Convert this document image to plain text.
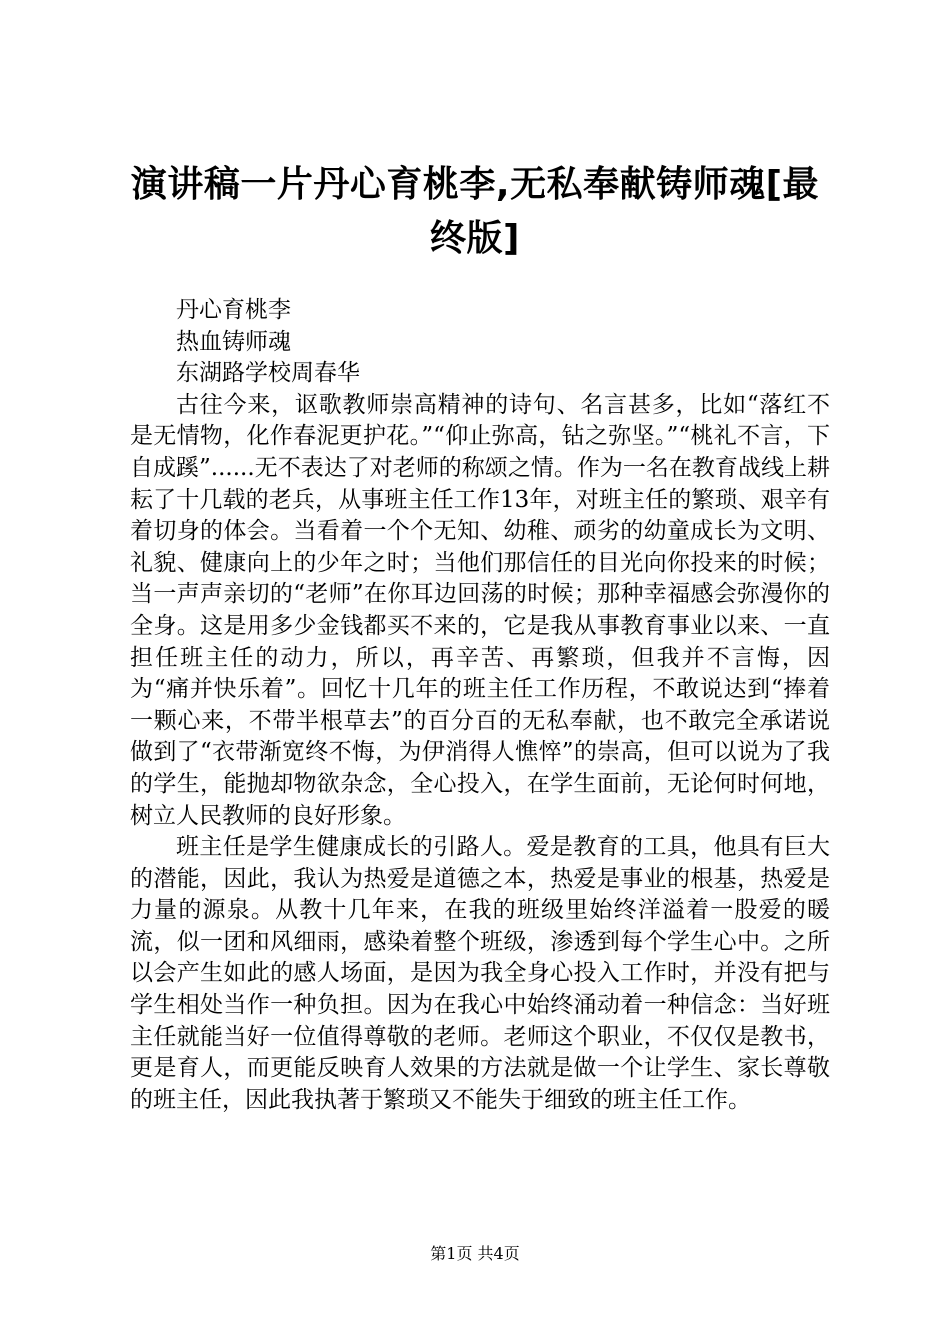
演讲稿一片丹心育桃李,无私奉献铸师魂[最终版]

丹心育桃李

热血铸师魂

东湖路学校周春华

古往今来，讴歌教师崇高精神的诗句、名言甚多，比如“落红不是无情物，化作春泥更护花。”“仰止弥高，钻之弥坚。”“桃礼不言，下自成蹊”......无不表达了对老师的称颂之情。作为一名在教育战线上耕耘了十几载的老兵，从事班主任工作13年，对班主任的繁琐、艰辛有着切身的体会。当看着一个个无知、幼稚、顽劣的幼童成长为文明、礼貌、健康向上的少年之时；当他们那信任的目光向你投来的时候；当一声声亲切的“老师”在你耳边回荡的时候；那种幸福感会弥漫你的全身。这是用多少金钱都买不来的，它是我从事教育事业以来、一直担任班主任的动力，所以，再辛苦、再繁琐，但我并不言悔，因为“痛并快乐着”。回忆十几年的班主任工作历程，不敢说达到“捧着一颗心来，不带半根草去”的百分百的无私奉献，也不敢完全承诺说做到了“衣带渐宽终不悔，为伊消得人憔悴”的崇高，但可以说为了我的学生，能抛却物欲杂念，全心投入，在学生面前，无论何时何地，树立人民教师的良好形象。

班主任是学生健康成长的引路人。爱是教育的工具，他具有巨大的潜能，因此，我认为热爱是道德之本，热爱是事业的根基，热爱是力量的源泉。从教十几年来，在我的班级里始终洋溢着一股爱的暖流，似一团和风细雨，感染着整个班级，渗透到每个学生心中。之所以会产生如此的感人场面，是因为我全身心投入工作时，并没有把与学生相处当作一种负担。因为在我心中始终涌动着一种信念：当好班主任就能当好一位值得尊敬的老师。老师这个职业，不仅仅是教书，更是育人，而更能反映育人效果的方法就是做一个让学生、家长尊敬的班主任，因此我执著于繁琐又不能失于细致的班主任工作。

第1页 共4页
